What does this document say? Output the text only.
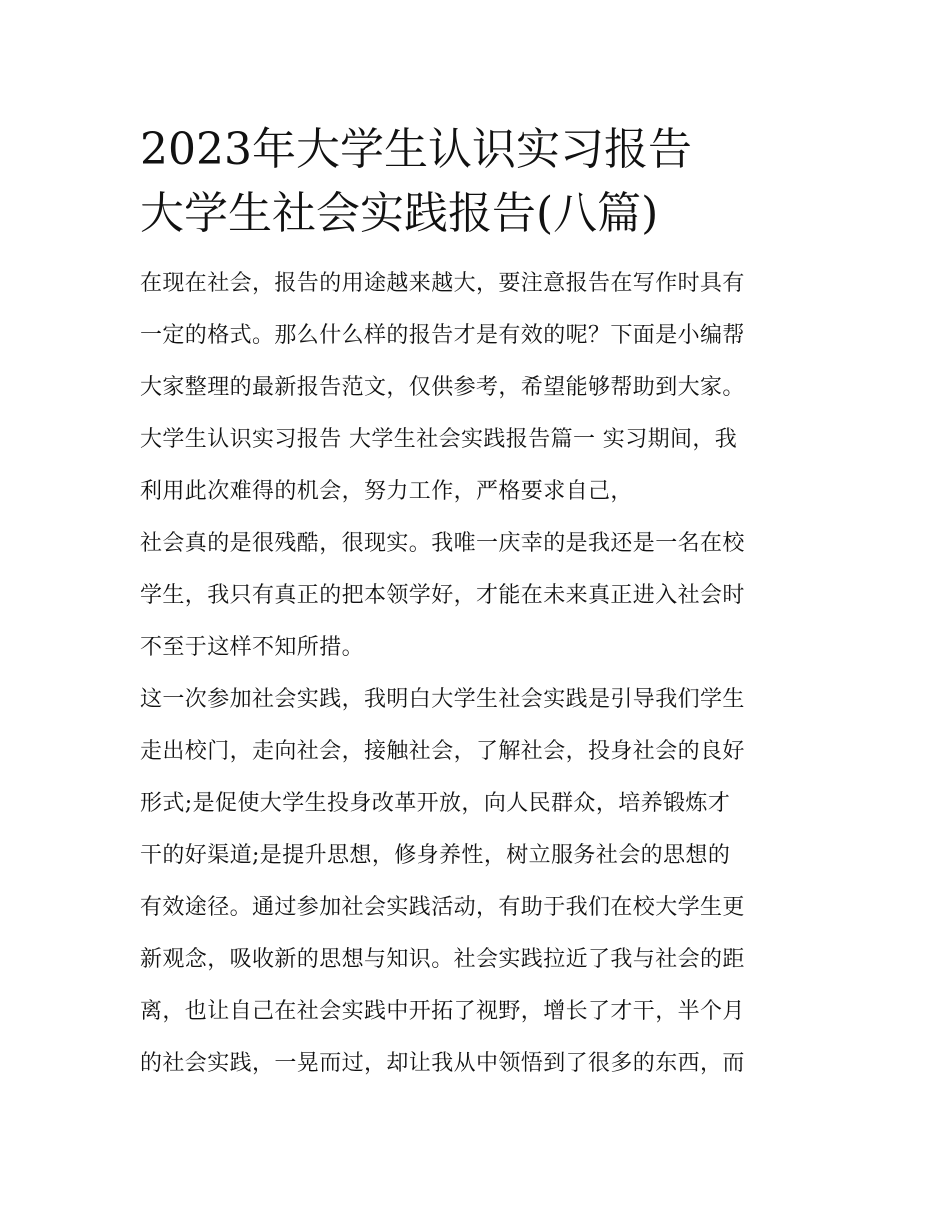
2023年大学生认识实习报告
大学生社会实践报告(八篇)
在现在社会，报告的用途越来越大，要注意报告在写作时具有
一定的格式。那么什么样的报告才是有效的呢？下面是小编帮
大家整理的最新报告范文，仅供参考，希望能够帮助到大家。
大学生认识实习报告 大学生社会实践报告篇一 实习期间，我
利用此次难得的机会，努力工作，严格要求自己，
社会真的是很残酷，很现实。我唯一庆幸的是我还是一名在校
学生，我只有真正的把本领学好，才能在未来真正进入社会时
不至于这样不知所措。
这一次参加社会实践，我明白大学生社会实践是引导我们学生
走出校门，走向社会，接触社会，了解社会，投身社会的良好
形式;是促使大学生投身改革开放，向人民群众，培养锻炼才
干的好渠道;是提升思想，修身养性，树立服务社会的思想的
有效途径。通过参加社会实践活动，有助于我们在校大学生更
新观念，吸收新的思想与知识。社会实践拉近了我与社会的距
离，也让自己在社会实践中开拓了视野，增长了才干，半个月
的社会实践，一晃而过，却让我从中领悟到了很多的东西，而
